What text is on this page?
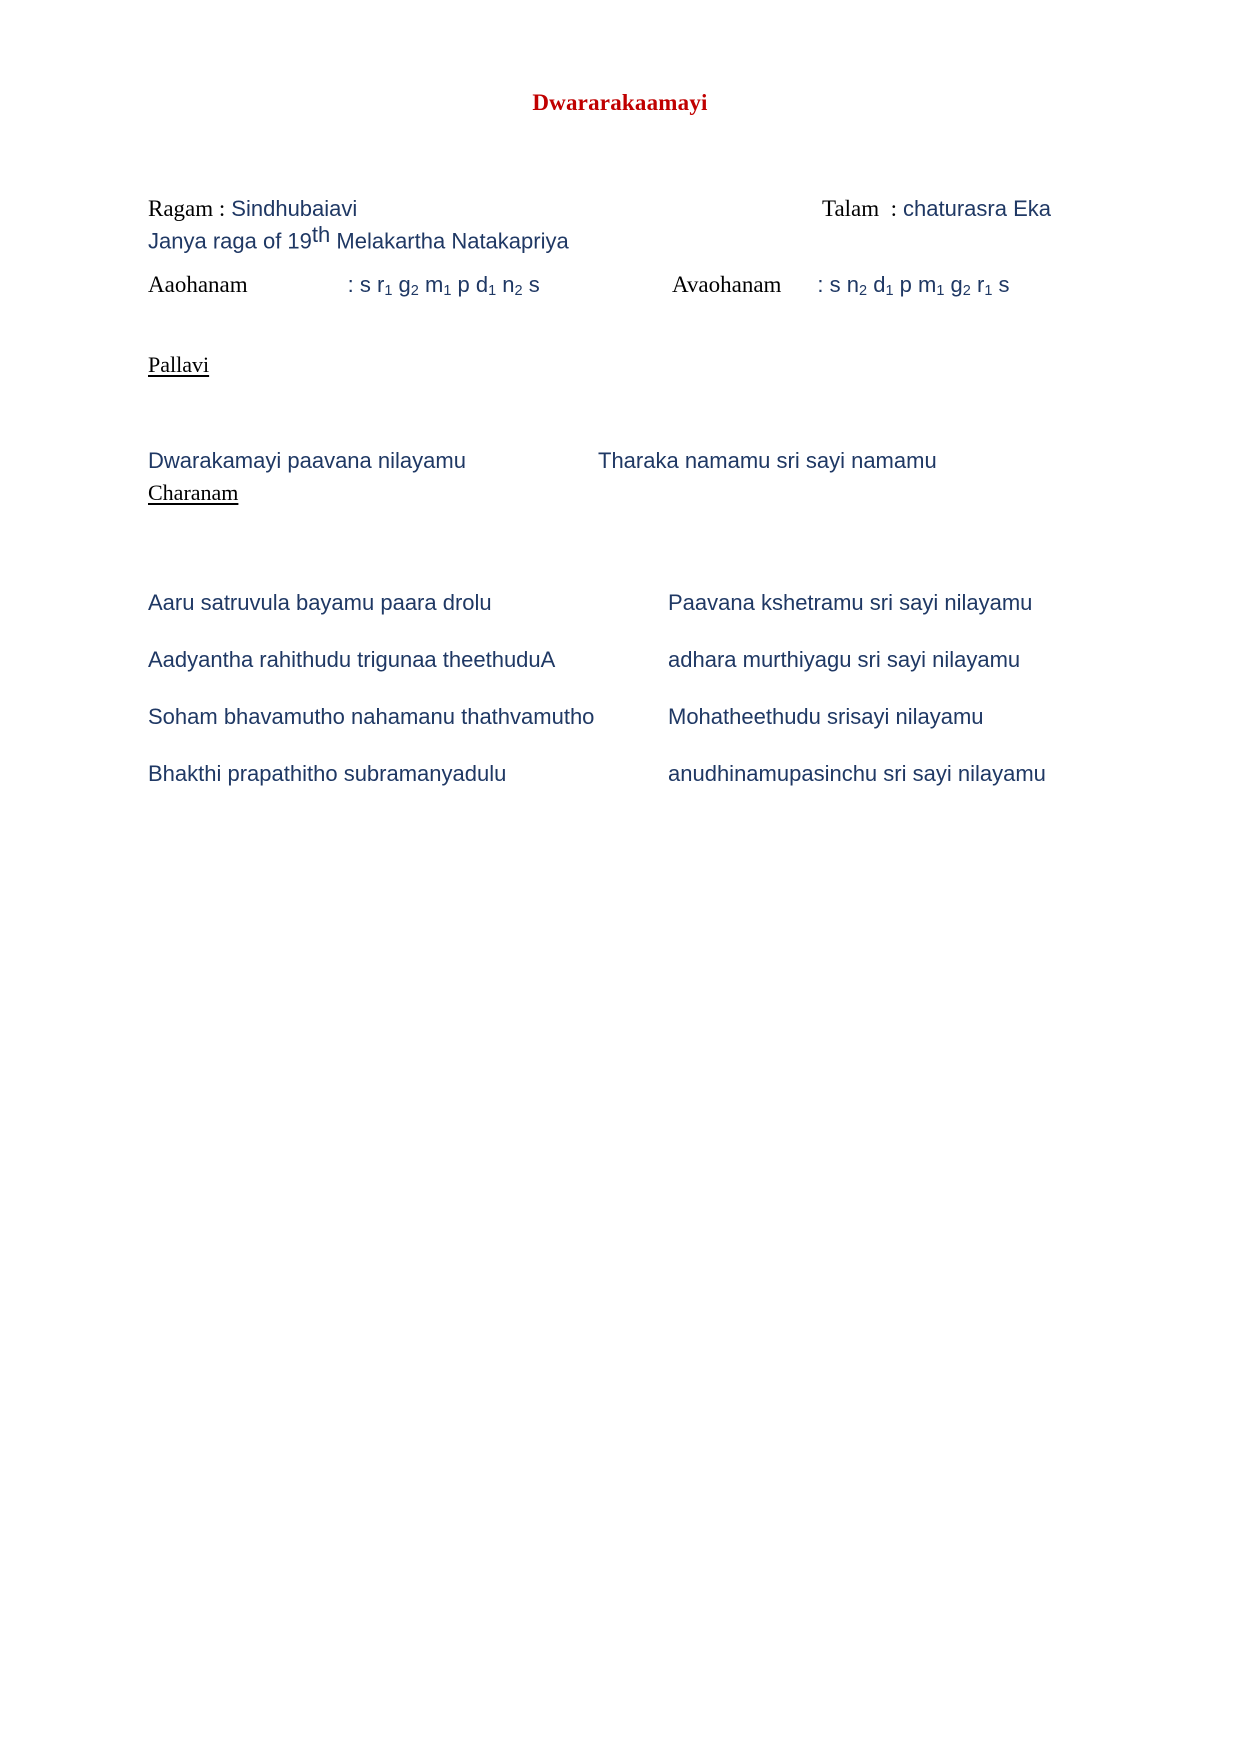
Dwararakaamayi
Ragam : Sindhubaiavi	Talam  : chaturasra Eka
Janya raga of 19th Melakartha Natakapriya
Aaohanam	: s $r_1$ $g_2$ $m_1$ p $d_1$ $n_2$ s	Avaohanam : s $n_2$ $d_1$ p $m_1$ $g_2$ $r_1$ s
Pallavi
Dwarakamayi paavana nilayamu	Tharaka namamu sri sayi namamu
Charanam
Aaru satruvula bayamu paara drolu	Paavana kshetramu sri sayi nilayamu
Aadyantha rahithudu trigunaa theethuduA	adhara murthiyagu sri sayi nilayamu
Soham bhavamutho nahamanu thathvamutho	Mohatheethudu srisayi nilayamu
Bhakthi prapathitho subramanyadulu	anudhinamupasinchu sri sayi nilayamu
